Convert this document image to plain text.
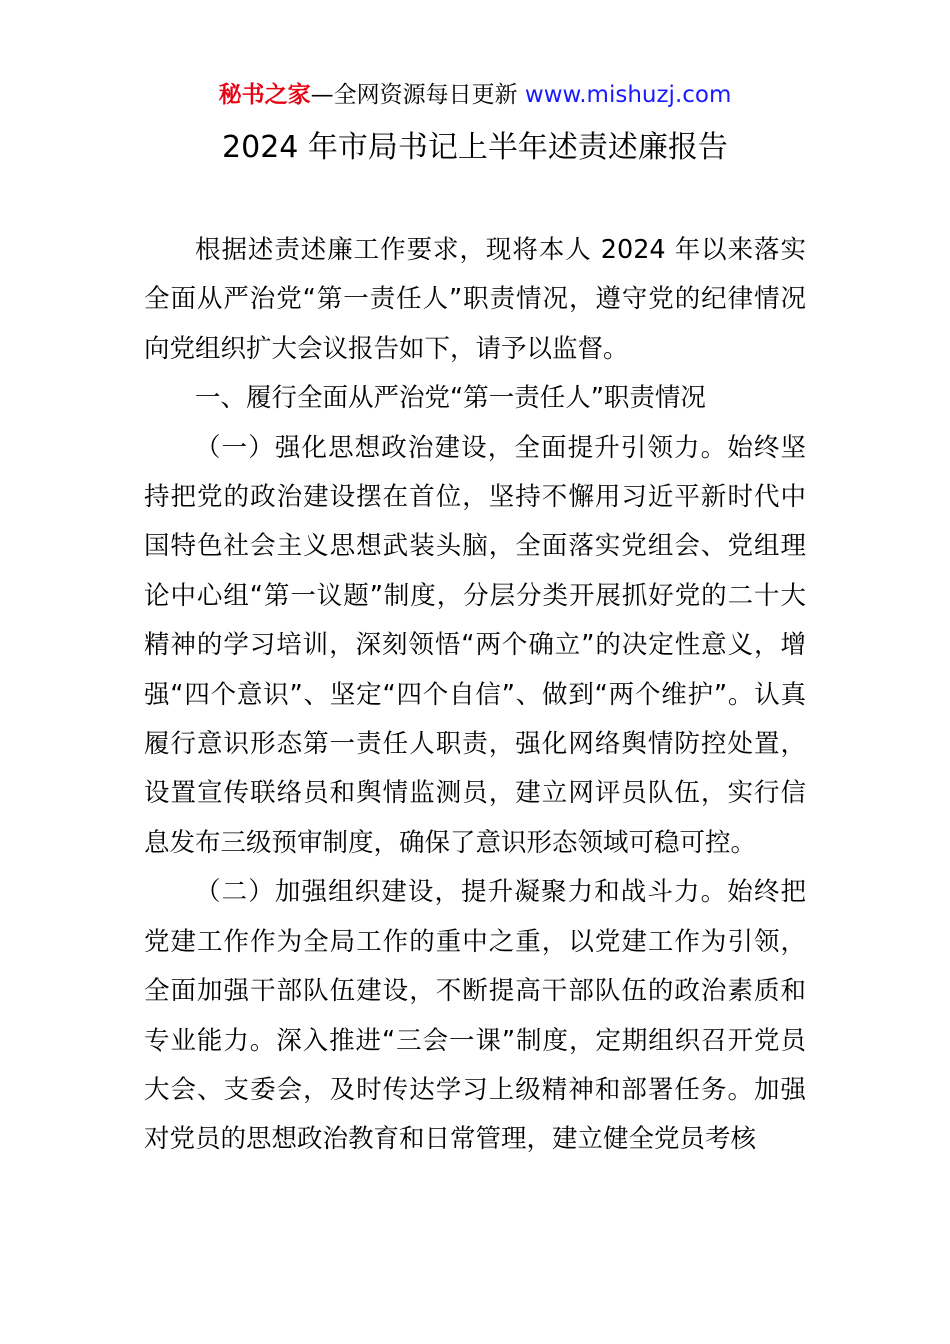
秘书之家—全网资源每日更新 www.mishuzj.com
2024 年市局书记上半年述责述廉报告

根据述责述廉工作要求，现将本人 2024 年以来落实全面从严治党“第一责任人”职责情况，遵守党的纪律情况向党组织扩大会议报告如下，请予以监督。

一、履行全面从严治党“第一责任人”职责情况

（一）强化思想政治建设，全面提升引领力。始终坚持把党的政治建设摆在首位，坚持不懈用习近平新时代中国特色社会主义思想武装头脑，全面落实党组会、党组理论中心组“第一议题”制度，分层分类开展抓好党的二十大精神的学习培训，深刻领悟“两个确立”的决定性意义，增强“四个意识”、坚定“四个自信”、做到“两个维护”。认真履行意识形态第一责任人职责，强化网络舆情防控处置，设置宣传联络员和舆情监测员，建立网评员队伍，实行信息发布三级预审制度，确保了意识形态领域可稳可控。

（二）加强组织建设，提升凝聚力和战斗力。始终把党建工作作为全局工作的重中之重，以党建工作为引领，全面加强干部队伍建设，不断提高干部队伍的政治素质和专业能力。深入推进“三会一课”制度，定期组织召开党员大会、支委会，及时传达学习上级精神和部署任务。加强对党员的思想政治教育和日常管理，建立健全党员考核
